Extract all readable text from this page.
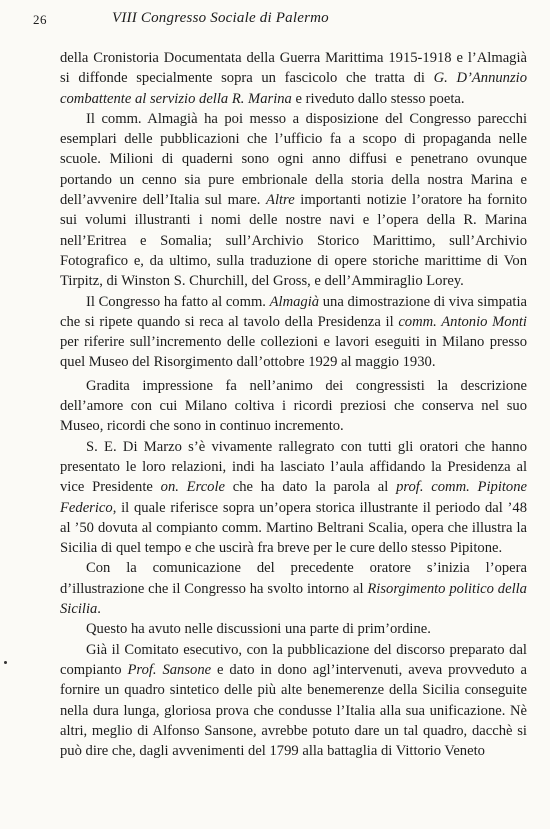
26	VIII Congresso Sociale di Palermo

della Cronistoria Documentata della Guerra Marittima 1915-1918 e l’Almagià si diffonde specialmente sopra un fascicolo che tratta di G. D’Annunzio combattente al servizio della R. Marina e riveduto dallo stesso poeta.

Il comm. Almagià ha poi messo a disposizione del Congresso parecchi esemplari delle pubblicazioni che l’ufficio fa a scopo di propaganda nelle scuole. Milioni di quaderni sono ogni anno diffusi e penetrano ovunque portando un cenno sia pure embrionale della storia della nostra Marina e dell’avvenire dell’Italia sul mare. Altre importanti notizie l’oratore ha fornito sui volumi illustranti i nomi delle nostre navi e l’opera della R. Marina nell’Eritrea e Somalia; sull’Archivio Storico Marittimo, sull’Archivio Fotografico e, da ultimo, sulla traduzione di opere storiche marittime di Von Tirpitz, di Winston S. Churchill, del Gross, e dell’Ammiraglio Lorey.

Il Congresso ha fatto al comm. Almagià una dimostrazione di viva simpatia che si ripete quando si reca al tavolo della Presidenza il comm. Antonio Monti per riferire sull’incremento delle collezioni e lavori eseguiti in Milano presso quel Museo del Risorgimento dall’ottobre 1929 al maggio 1930.

Gradita impressione fa nell’animo dei congressisti la descrizione dell’amore con cui Milano coltiva i ricordi preziosi che conserva nel suo Museo, ricordi che sono in continuo incremento.

S. E. Di Marzo s’è vivamente rallegrato con tutti gli oratori che hanno presentato le loro relazioni, indi ha lasciato l’aula affidando la Presidenza al vice Presidente on. Ercole che ha dato la parola al prof. comm. Pipitone Federico, il quale riferisce sopra un’opera storica illustrante il periodo dal ’48 al ’50 dovuta al compianto comm. Martino Beltrani Scalia, opera che illustra la Sicilia di quel tempo e che uscirà fra breve per le cure dello stesso Pipitone.

Con la comunicazione del precedente oratore s’inizia l’opera d’illustrazione che il Congresso ha svolto intorno al Risorgimento politico della Sicilia.

Questo ha avuto nelle discussioni una parte di prim’ordine.

Già il Comitato esecutivo, con la pubblicazione del discorso preparato dal compianto Prof. Sansone e dato in dono agl’intervenuti, aveva provveduto a fornire un quadro sintetico delle più alte benemerenze della Sicilia conseguite nella dura lunga, gloriosa prova che condusse l’Italia alla sua unificazione. Nè altri, meglio di Alfonso Sansone, avrebbe potuto dare un tal quadro, dacchè si può dire che, dagli avvenimenti del 1799 alla battaglia di Vittorio Veneto
